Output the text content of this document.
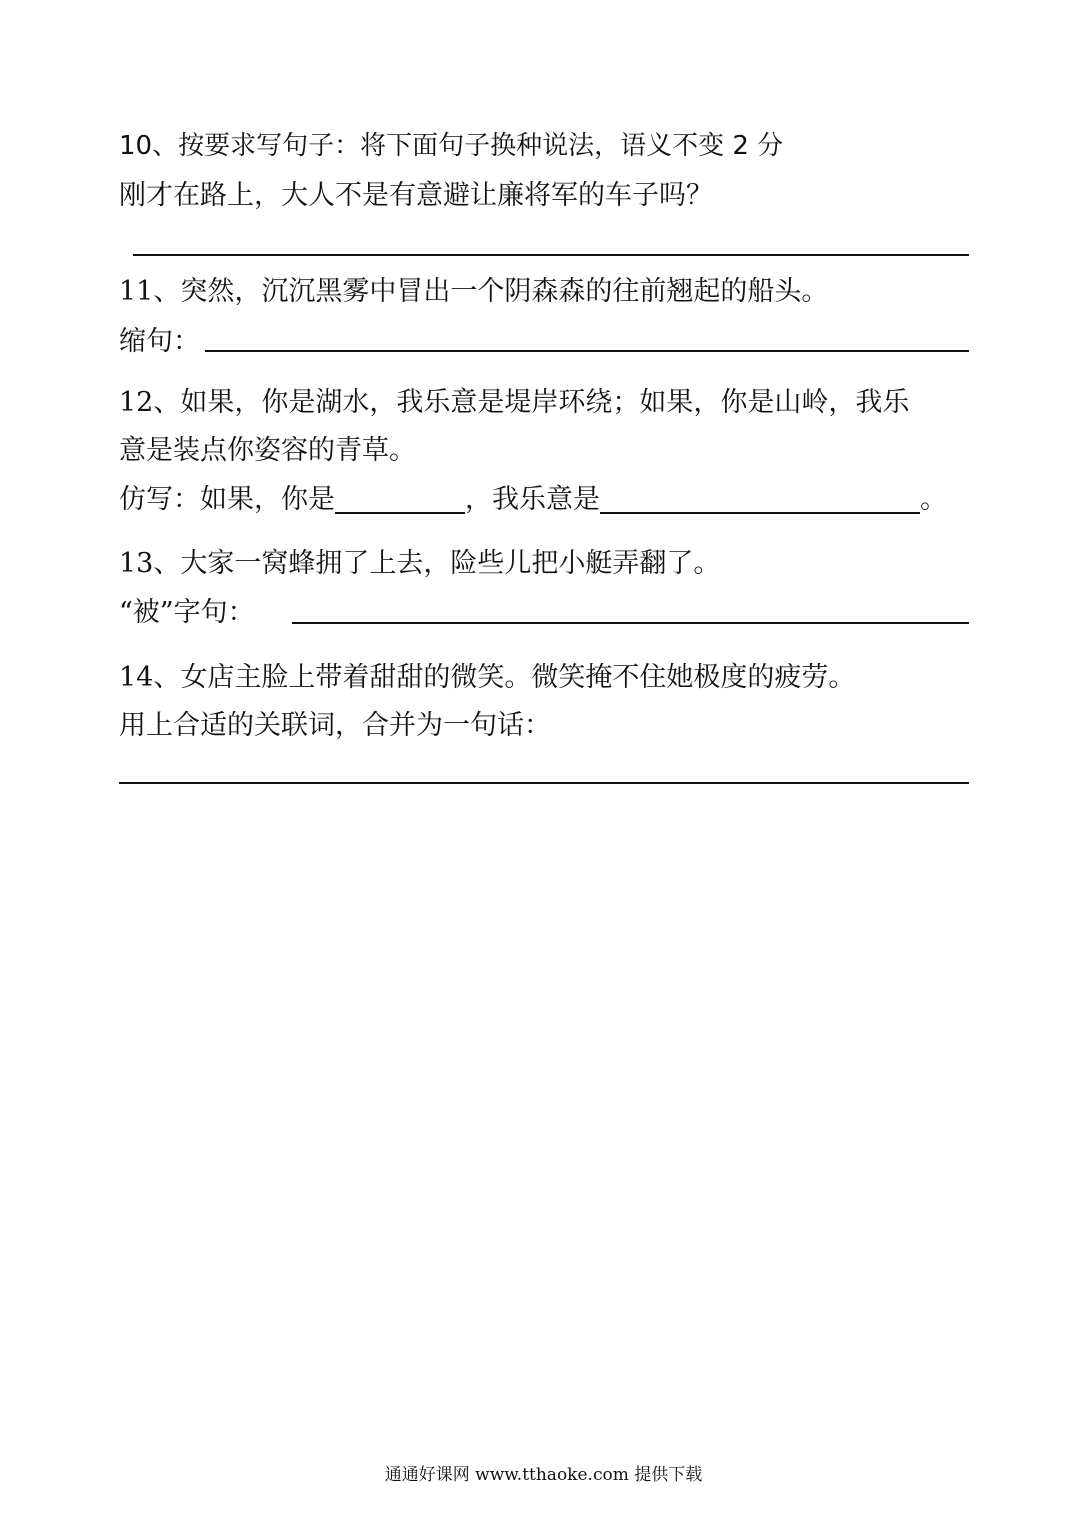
10、按要求写句子：将下面句子换种说法，语义不变 2 分
刚才在路上，大人不是有意避让廉将军的车子吗？
11、突然，沉沉黑雾中冒出一个阴森森的往前翘起的船头。
缩句：
12、如果，你是湖水，我乐意是堤岸环绕；如果，你是山岭，我乐
意是装点你姿容的青草。
仿写：如果，你是	，我乐意是	。
13、大家一窝蜂拥了上去，险些儿把小艇弄翻了。
“被”字句：
14、女店主脸上带着甜甜的微笑。微笑掩不住她极度的疲劳。
用上合适的关联词，合并为一句话：
通通好课网 www.tthaoke.com 提供下载
